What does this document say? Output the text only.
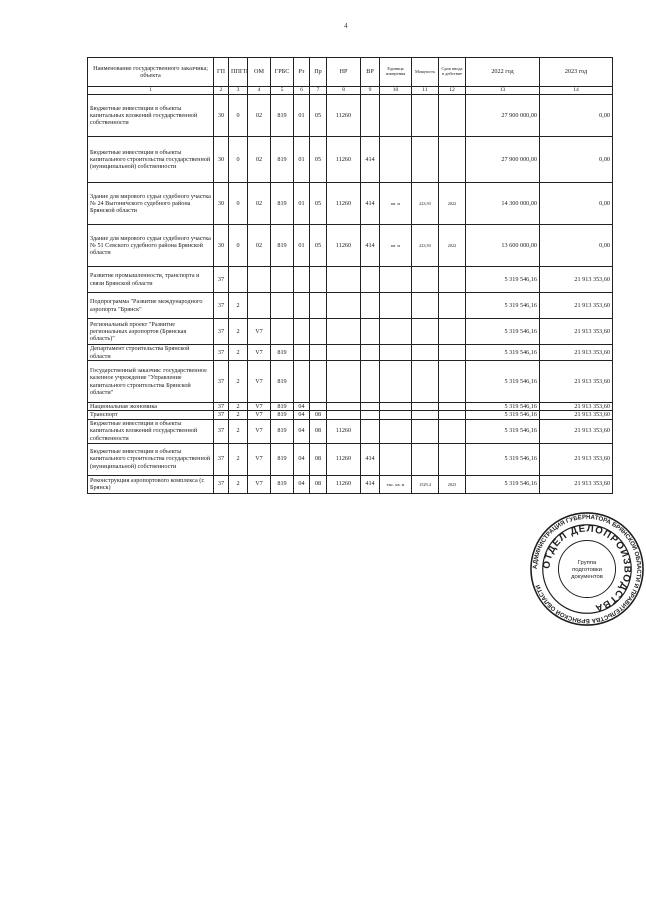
4
Наименование государственного заказчика; объекта	ГП	ППГП	ОМ	ГРБС	Рз	Пр	НР	ВР	Единица измерения	Мощность	Срок ввода в действие	2022 год	2023 год
1	2	3	4	5	6	7	8	9	10	11	12	13	14
Бюджетные инвестиции в объекты капитальных вложений государственной собственности	30	0	02	819	01	05	11260					27 900 000,00	0,00
Бюджетные инвестиции в объекты капитального строительства государственной (муниципальной) собственности	30	0	02	819	01	05	11260	414				27 900 000,00	0,00
Здание для мирового судьи судебного участка № 24 Выгоничского судебного района Брянской области	30	0	02	819	01	05	11260	414	кв. м	223,93	2022	14 300 000,00	0,00
Здание для мирового судьи судебного участка № 51 Севского судебного района Брянской области	30	0	02	819	01	05	11260	414	кв. м	223,93	2022	13 600 000,00	0,00
Развитие промышленности, транспорта и связи Брянской области	37											5 319 546,16	21 913 353,60
Подпрограмма "Развитие международного аэропорта "Брянск"	37	2										5 319 546,16	21 913 353,60
Региональный проект "Развитие региональных аэропортов (Брянская область)"	37	2	V7									5 319 546,16	21 913 353,60
Департамент строительства Брянской области	37	2	V7	819								5 319 546,16	21 913 353,60
Государственный заказчик: государственное казенное учреждение "Управление капитального строительства Брянской области"	37	2	V7	819								5 319 546,16	21 913 353,60
Национальная экономика	37	2	V7	819	04							5 319 546,16	21 913 353,60
Транспорт	37	2	V7	819	04	08						5 319 546,16	21 913 353,60
Бюджетные инвестиции в объекты капитальных вложений государственной собственности	37	2	V7	819	04	08	11260					5 319 546,16	21 913 353,60
Бюджетные инвестиции в объекты капитального строительства государственной (муниципальной) собственности	37	2	V7	819	04	08	11260	414				5 319 546,16	21 913 353,60
Реконструкция аэропортового комплекса (г. Брянск)	37	2	V7	819	04	08	11260	414	тыс. кв. м	1529,4	2023	5 319 546,16	21 913 353,60
АДМИНИСТРАЦИЯ ГУБЕРНАТОРА БРЯНСКОЙ ОБЛАСТИ И ПРАВИТЕЛЬСТВА БРЯНСКОЙ ОБЛАСТИ
ОТДЕЛ ДЕЛОПРОИЗВОДСТВА
Группа
подготовки
документов
